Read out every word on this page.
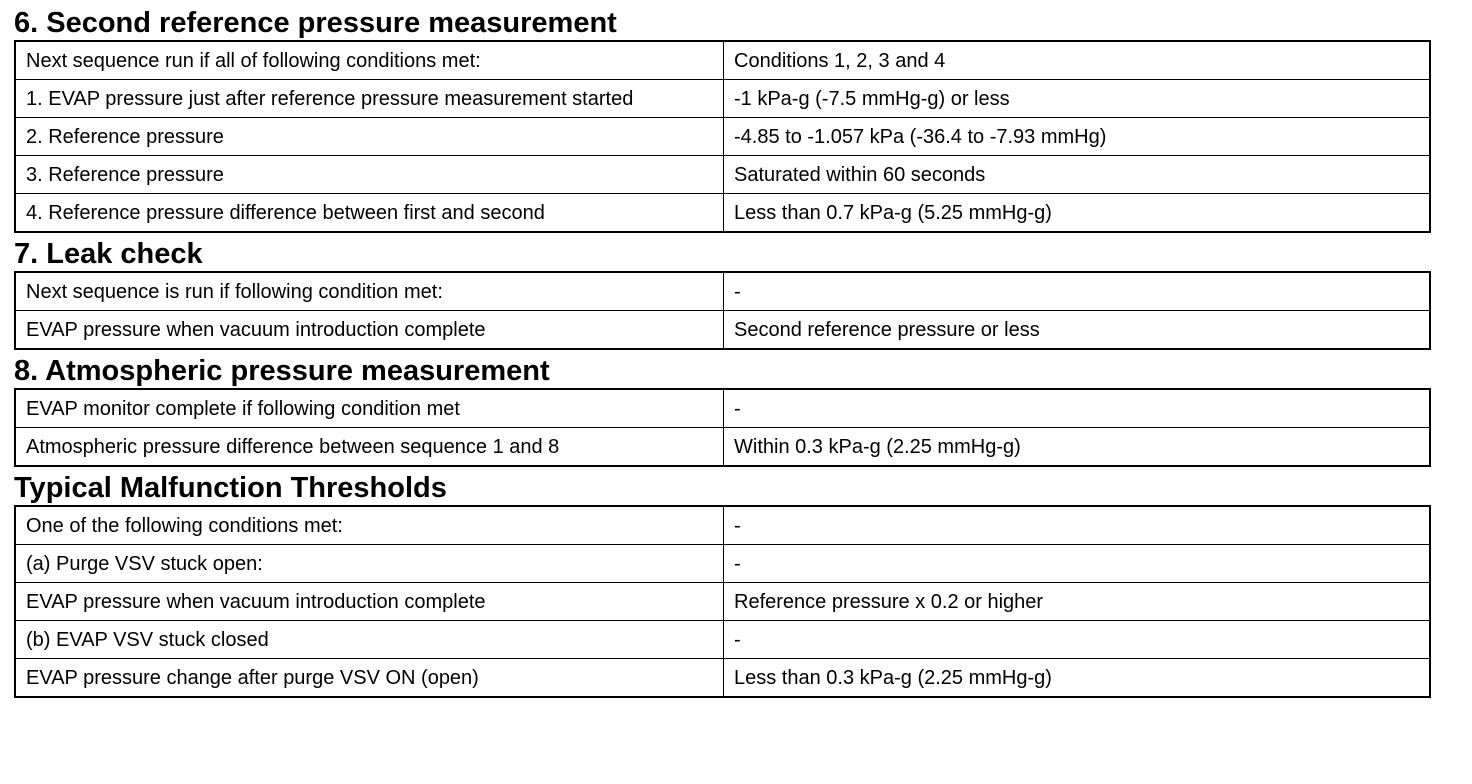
6. Second reference pressure measurement
Next sequence run if all of following conditions met:	Conditions 1, 2, 3 and 4
1. EVAP pressure just after reference pressure measurement started	-1 kPa-g (-7.5 mmHg-g) or less
2. Reference pressure	-4.85 to -1.057 kPa (-36.4 to -7.93 mmHg)
3. Reference pressure	Saturated within 60 seconds
4. Reference pressure difference between first and second	Less than 0.7 kPa-g (5.25 mmHg-g)
7. Leak check
Next sequence is run if following condition met:	-
EVAP pressure when vacuum introduction complete	Second reference pressure or less
8. Atmospheric pressure measurement
EVAP monitor complete if following condition met	-
Atmospheric pressure difference between sequence 1 and 8	Within 0.3 kPa-g (2.25 mmHg-g)
Typical Malfunction Thresholds
One of the following conditions met:	-
(a) Purge VSV stuck open:	-
EVAP pressure when vacuum introduction complete	Reference pressure x 0.2 or higher
(b) EVAP VSV stuck closed	-
EVAP pressure change after purge VSV ON (open)	Less than 0.3 kPa-g (2.25 mmHg-g)
